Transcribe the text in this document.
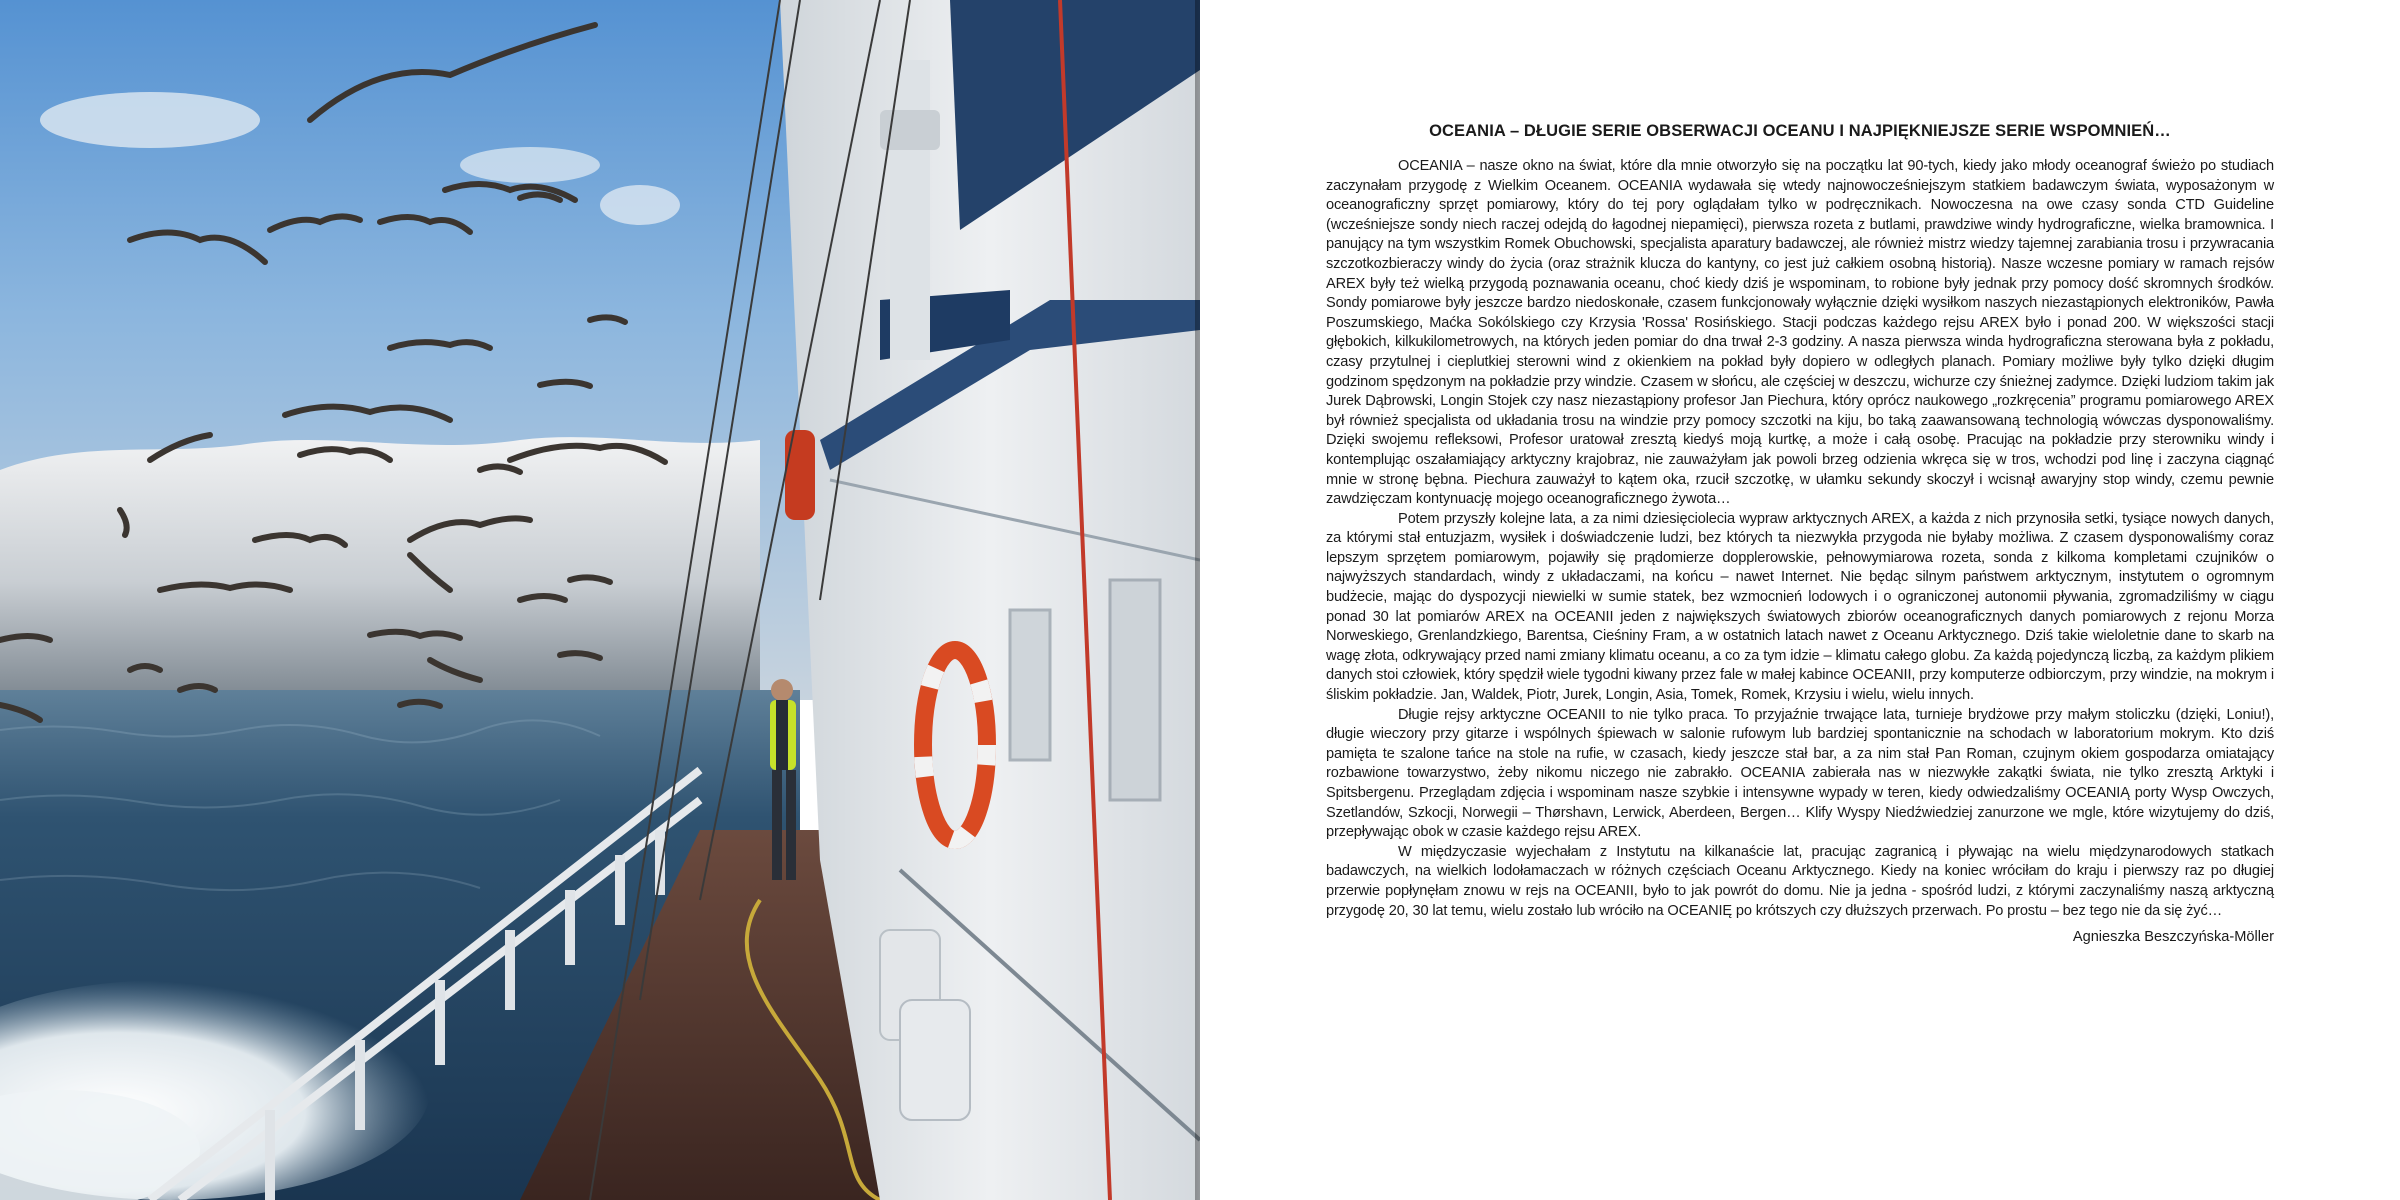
OCEANIA – DŁUGIE SERIE OBSERWACJI OCEANU I NAJPIĘKNIEJSZE SERIE WSPOMNIEŃ…

OCEANIA – nasze okno na świat, które dla mnie otworzyło się na początku lat 90-tych, kiedy jako młody oceanograf świeżo po studiach zaczynałam przygodę z Wielkim Oceanem. OCEANIA wydawała się wtedy najnowocześniejszym statkiem badawczym świata, wyposażonym w oceanograficzny sprzęt pomiarowy, który do tej pory oglądałam tylko w podręcznikach. Nowoczesna na owe czasy sonda CTD Guideline (wcześniejsze sondy niech raczej odejdą do łagodnej niepamięci), pierwsza rozeta z butlami, prawdziwe windy hydrograficzne, wielka bramownica. I panujący na tym wszystkim Romek Obuchowski, specjalista aparatury badawczej, ale również mistrz wiedzy tajemnej zarabiania trosu i przywracania szczotkozbieraczy windy do życia (oraz strażnik klucza do kantyny, co jest już całkiem osobną historią). Nasze wczesne pomiary w ramach rejsów AREX były też wielką przygodą poznawania oceanu, choć kiedy dziś je wspominam, to robione były jednak przy pomocy dość skromnych środków. Sondy pomiarowe były jeszcze bardzo niedoskonałe, czasem funkcjonowały wyłącznie dzięki wysiłkom naszych niezastąpionych elektroników, Pawła Poszumskiego, Maćka Sokólskiego czy Krzysia 'Rossa' Rosińskiego. Stacji podczas każdego rejsu AREX było i ponad 200. W większości stacji głębokich, kilkukilometrowych, na których jeden pomiar do dna trwał 2-3 godziny. A nasza pierwsza winda hydrograficzna sterowana była z pokładu, czasy przytulnej i cieplutkiej sterowni wind z okienkiem na pokład były dopiero w odległych planach. Pomiary możliwe były tylko dzięki długim godzinom spędzonym na pokładzie przy windzie. Czasem w słońcu, ale częściej w deszczu, wichurze czy śnieżnej zadymce. Dzięki ludziom takim jak Jurek Dąbrowski, Longin Stojek czy nasz niezastąpiony profesor Jan Piechura, który oprócz naukowego „rozkręcenia” programu pomiarowego AREX był również specjalista od układania trosu na windzie przy pomocy szczotki na kiju, bo taką zaawansowaną technologią wówczas dysponowaliśmy. Dzięki swojemu refleksowi, Profesor uratował zresztą kiedyś moją kurtkę, a może i całą osobę. Pracując na pokładzie przy sterowniku windy i kontemplując oszałamiający arktyczny krajobraz, nie zauważyłam jak powoli brzeg odzienia wkręca się w tros, wchodzi pod linę i zaczyna ciągnąć mnie w stronę bębna. Piechura zauważył to kątem oka, rzucił szczotkę, w ułamku sekundy skoczył i wcisnął awaryjny stop windy, czemu pewnie zawdzięczam kontynuację mojego oceanograficznego żywota…

Potem przyszły kolejne lata, a za nimi dziesięciolecia wypraw arktycznych AREX, a każda z nich przynosiła setki, tysiące nowych danych, za którymi stał entuzjazm, wysiłek i doświadczenie ludzi, bez których ta niezwykła przygoda nie byłaby możliwa. Z czasem dysponowaliśmy coraz lepszym sprzętem pomiarowym, pojawiły się prądomierze dopplerowskie, pełnowymiarowa rozeta, sonda z kilkoma kompletami czujników o najwyższych standardach, windy z układaczami, na końcu – nawet Internet. Nie będąc silnym państwem arktycznym, instytutem o ogromnym budżecie, mając do dyspozycji niewielki w sumie statek, bez wzmocnień lodowych i o ograniczonej autonomii pływania, zgromadziliśmy w ciągu ponad 30 lat pomiarów AREX na OCEANII jeden z największych światowych zbiorów oceanograficznych danych pomiarowych z rejonu Morza Norweskiego, Grenlandzkiego, Barentsa, Cieśniny Fram, a w ostatnich latach nawet z Oceanu Arktycznego. Dziś takie wieloletnie dane to skarb na wagę złota, odkrywający przed nami zmiany klimatu oceanu, a co za tym idzie – klimatu całego globu. Za każdą pojedynczą liczbą, za każdym plikiem danych stoi człowiek, który spędził wiele tygodni kiwany przez fale w małej kabince OCEANII, przy komputerze odbiorczym, przy windzie, na mokrym i śliskim pokładzie. Jan, Waldek, Piotr, Jurek, Longin, Asia, Tomek, Romek, Krzysiu i wielu, wielu innych.

Długie rejsy arktyczne OCEANII to nie tylko praca. To przyjaźnie trwające lata, turnieje brydżowe przy małym stoliczku (dzięki, Loniu!), długie wieczory przy gitarze i wspólnych śpiewach w salonie rufowym lub bardziej spontanicznie na schodach w laboratorium mokrym. Kto dziś pamięta te szalone tańce na stole na rufie, w czasach, kiedy jeszcze stał bar, a za nim stał Pan Roman, czujnym okiem gospodarza omiatający rozbawione towarzystwo, żeby nikomu niczego nie zabrakło. OCEANIA zabierała nas w niezwykłe zakątki świata, nie tylko zresztą Arktyki i Spitsbergenu. Przeglądam zdjęcia i wspominam nasze szybkie i intensywne wypady w teren, kiedy odwiedzaliśmy OCEANIĄ porty Wysp Owczych, Szetlandów, Szkocji, Norwegii – Thørshavn, Lerwick, Aberdeen, Bergen… Klify Wyspy Niedźwiedziej zanurzone we mgle, które wizytujemy do dziś, przepływając obok w czasie każdego rejsu AREX.

W międzyczasie wyjechałam z Instytutu na kilkanaście lat, pracując zagranicą i pływając na wielu międzynarodowych statkach badawczych, na wielkich lodołamaczach w różnych częściach Oceanu Arktycznego. Kiedy na koniec wróciłam do kraju i pierwszy raz po długiej przerwie popłynęłam znowu w rejs na OCEANII, było to jak powrót do domu. Nie ja jedna - spośród ludzi, z którymi zaczynaliśmy naszą arktyczną przygodę 20, 30 lat temu, wielu zostało lub wróciło na OCEANIĘ po krótszych czy dłuższych przerwach. Po prostu – bez tego nie da się żyć…

Agnieszka Beszczyńska-Möller
